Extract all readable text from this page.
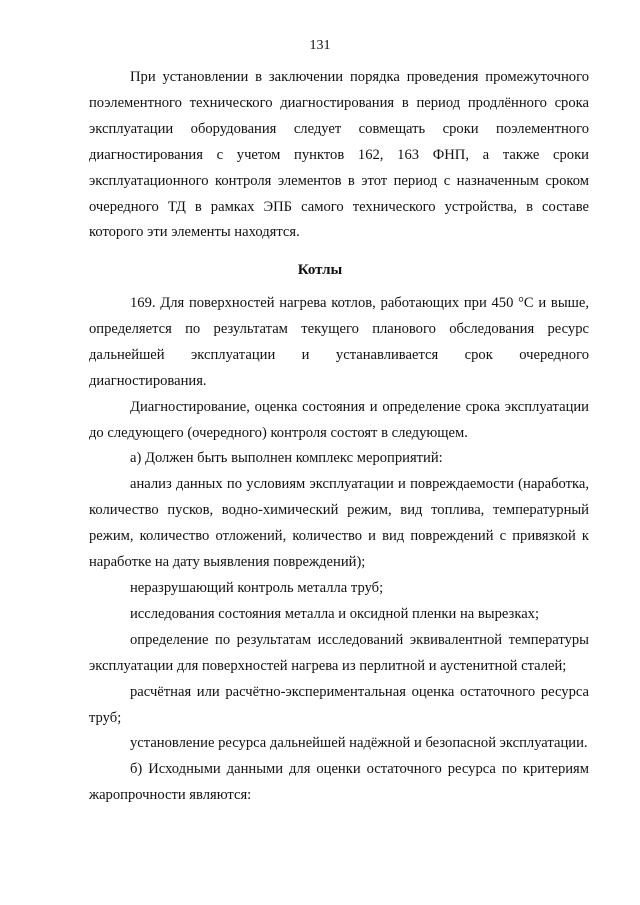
131

При установлении в заключении порядка проведения промежуточного поэлементного технического диагностирования в период продлённого срока эксплуатации оборудования следует совмещать сроки поэлементного диагностирования с учетом пунктов 162, 163 ФНП, а также сроки эксплуатационного контроля элементов в этот период с назначенным сроком очередного ТД в рамках ЭПБ самого технического устройства, в составе которого эти элементы находятся.

Котлы

169. Для поверхностей нагрева котлов, работающих при 450 °С и выше, определяется по результатам текущего планового обследования ресурс дальнейшей эксплуатации и устанавливается срок очередного диагностирования.

Диагностирование, оценка состояния и определение срока эксплуатации до следующего (очередного) контроля состоят в следующем.

а) Должен быть выполнен комплекс мероприятий:

анализ данных по условиям эксплуатации и повреждаемости (наработка, количество пусков, водно-химический режим, вид топлива, температурный режим, количество отложений, количество и вид повреждений с привязкой к наработке на дату выявления повреждений);

неразрушающий контроль металла труб;

исследования состояния металла и оксидной пленки на вырезках;

определение по результатам исследований эквивалентной температуры эксплуатации для поверхностей нагрева из перлитной и аустенитной сталей;

расчётная или расчётно-экспериментальная оценка остаточного ресурса труб;

установление ресурса дальнейшей надёжной и безопасной эксплуатации.

б) Исходными данными для оценки остаточного ресурса по критериям жаропрочности являются:
